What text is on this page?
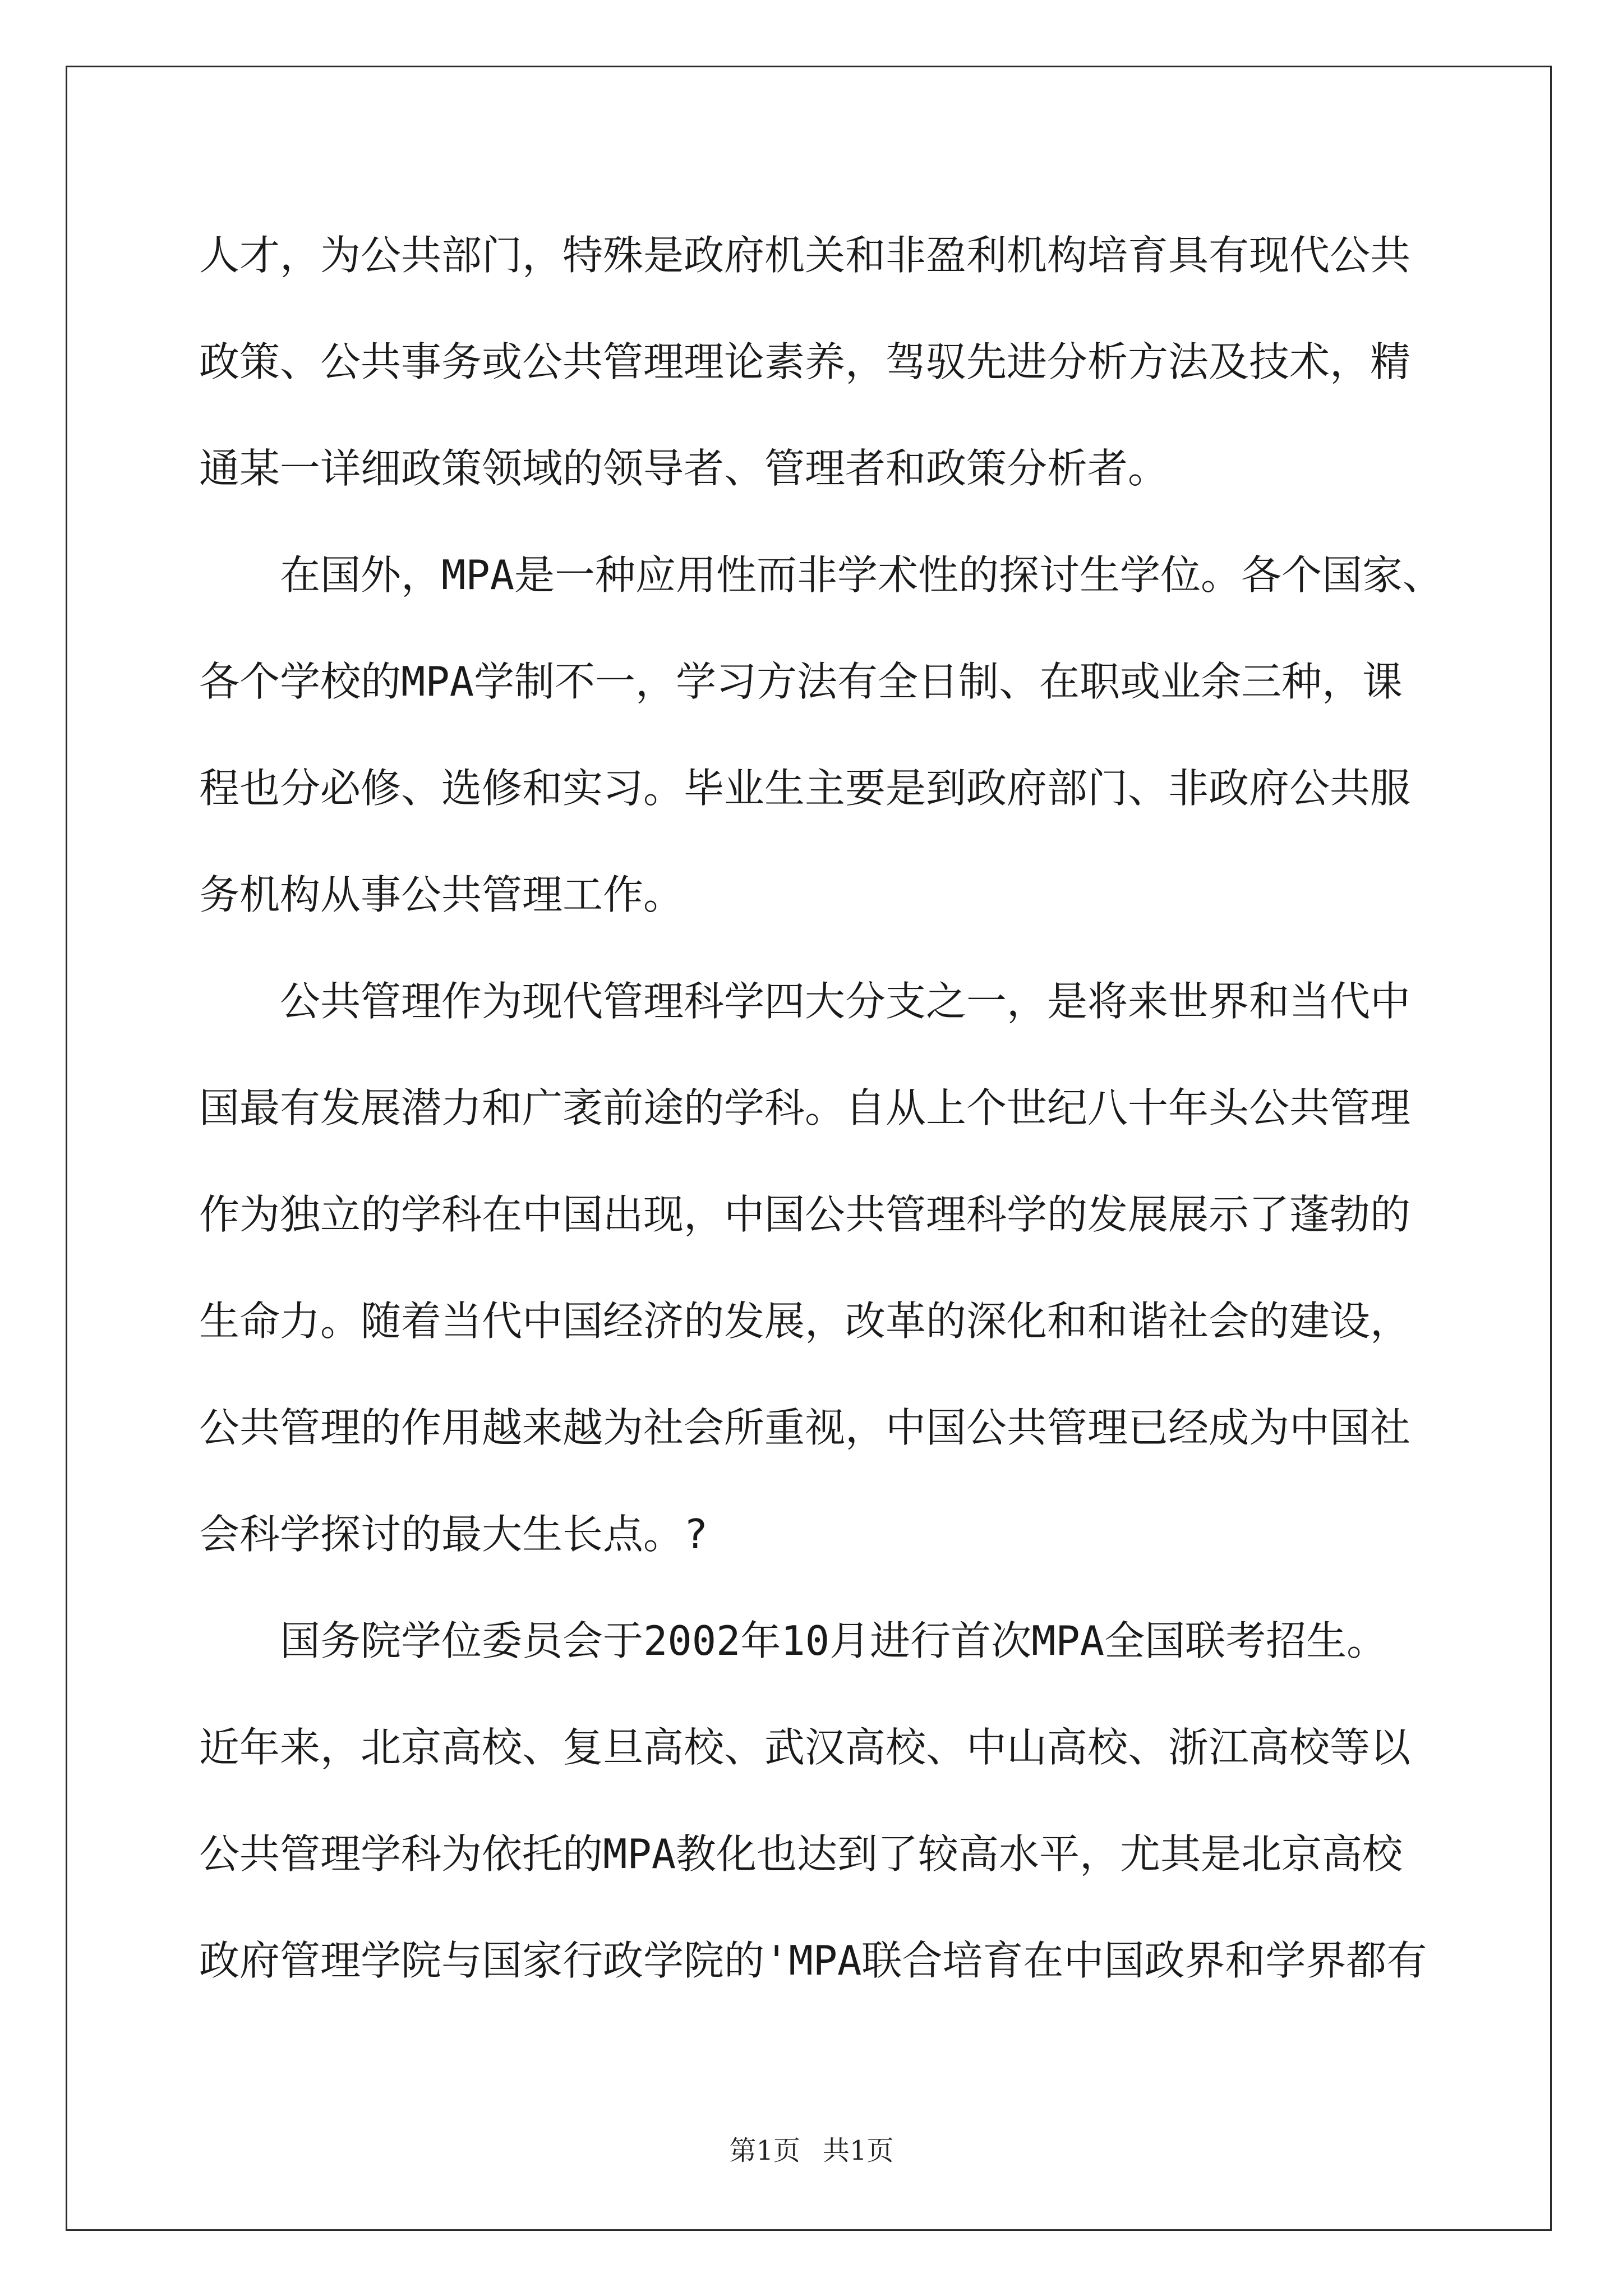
人才，为公共部门，特殊是政府机关和非盈利机构培育具有现代公共
政策、公共事务或公共管理理论素养，驾驭先进分析方法及技术，精
通某一详细政策领域的领导者、管理者和政策分析者。
在国外，MPA是一种应用性而非学术性的探讨生学位。各个国家、
各个学校的MPA学制不一，学习方法有全日制、在职或业余三种，课
程也分必修、选修和实习。毕业生主要是到政府部门、非政府公共服
务机构从事公共管理工作。
公共管理作为现代管理科学四大分支之一，是将来世界和当代中
国最有发展潜力和广袤前途的学科。自从上个世纪八十年头公共管理
作为独立的学科在中国出现，中国公共管理科学的发展展示了蓬勃的
生命力。随着当代中国经济的发展，改革的深化和和谐社会的建设，
公共管理的作用越来越为社会所重视，中国公共管理已经成为中国社
会科学探讨的最大生长点。?
国务院学位委员会于2002年10月进行首次MPA全国联考招生。
近年来，北京高校、复旦高校、武汉高校、中山高校、浙江高校等以
公共管理学科为依托的MPA教化也达到了较高水平，尤其是北京高校
政府管理学院与国家行政学院的'MPA联合培育在中国政界和学界都有
第1页 共1页
